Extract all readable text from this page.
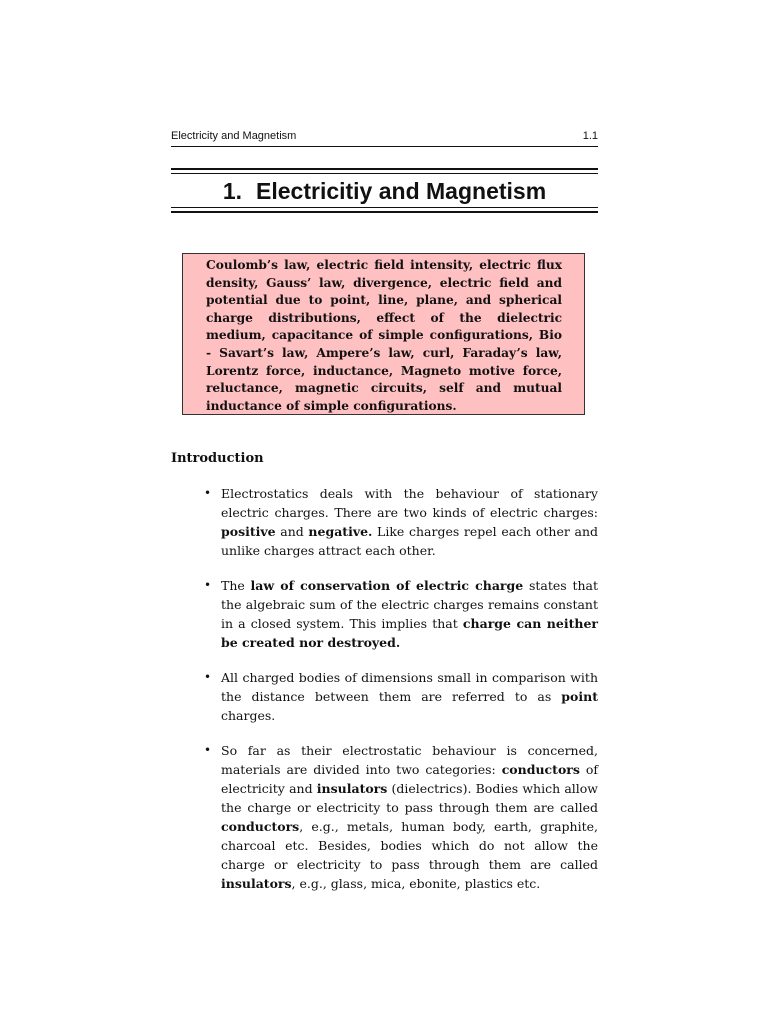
Electricity and Magnetism	1.1
1. Electricitiy and Magnetism
Coulomb’s law, electric field intensity, electric flux density, Gauss’ law, divergence, electric field and potential due to point, line, plane, and spherical charge distributions, effect of the dielectric medium, capacitance of simple configurations, Bio - Savart’s law, Ampere’s law, curl, Faraday’s law, Lorentz force, inductance, Magneto motive force, reluctance, magnetic circuits, self and mutual inductance of simple configurations.
Introduction
• Electrostatics deals with the behaviour of stationary electric charges. There are two kinds of electric charges: positive and negative. Like charges repel each other and unlike charges attract each other.
• The law of conservation of electric charge states that the algebraic sum of the electric charges remains constant in a closed system. This implies that charge can neither be created nor destroyed.
• All charged bodies of dimensions small in comparison with the distance between them are referred to as point charges.
• So far as their electrostatic behaviour is concerned, materials are divided into two categories: conductors of electricity and insulators (dielectrics). Bodies which allow the charge or electricity to pass through them are called conductors, e.g., metals, human body, earth, graphite, charcoal etc. Besides, bodies which do not allow the charge or electricity to pass through them are called insulators, e.g., glass, mica, ebonite, plastics etc.
